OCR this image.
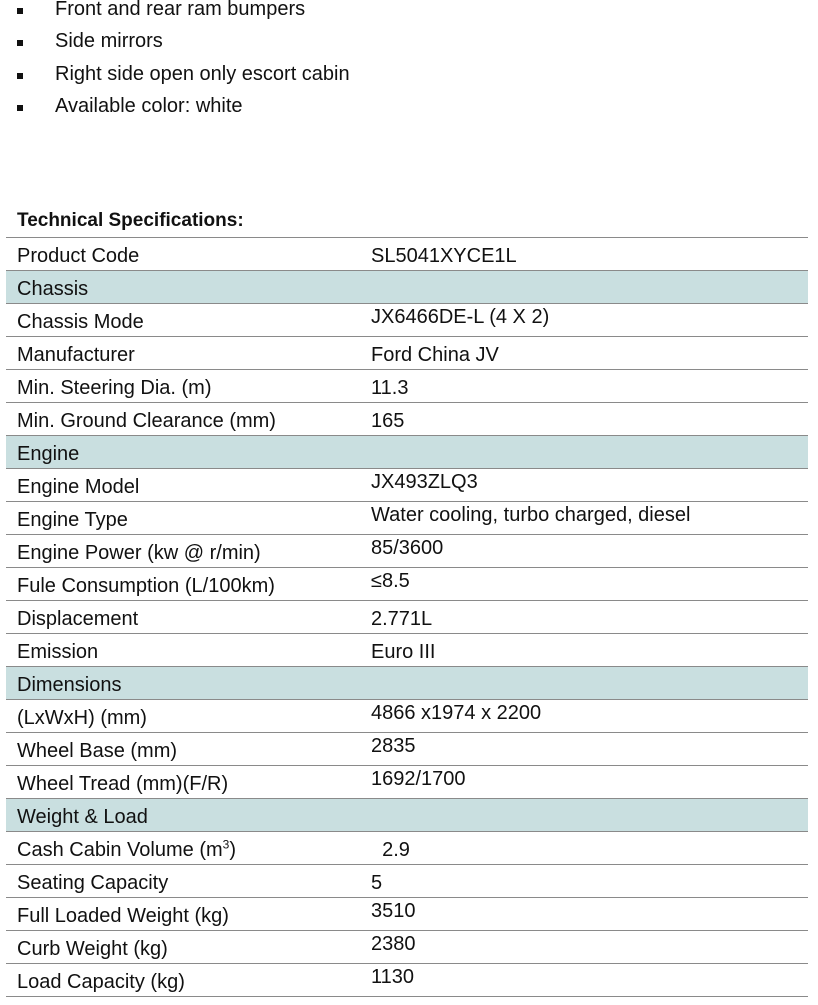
Front and rear ram bumpers
Side mirrors
Right side open only escort cabin
Available color: white
Technical Specifications:
Product Code	SL5041XYCE1L
Chassis
Chassis Mode	JX6466DE-L (4 X 2)
Manufacturer	Ford China JV
Min. Steering Dia. (m)	11.3
Min. Ground Clearance (mm)	165
Engine
Engine Model	JX493ZLQ3
Engine Type	Water cooling, turbo charged, diesel
Engine Power (kw @ r/min)	85/3600
Fule Consumption (L/100km)	≤8.5
Displacement	2.771L
Emission	Euro III
Dimensions
(LxWxH) (mm)	4866 x1974 x 2200
Wheel Base (mm)	2835
Wheel Tread (mm)(F/R)	1692/1700
Weight & Load
Cash Cabin Volume $(m^3)$	2.9
Seating Capacity	5
Full Loaded Weight (kg)	3510
Curb Weight (kg)	2380
Load Capacity (kg)	1130
